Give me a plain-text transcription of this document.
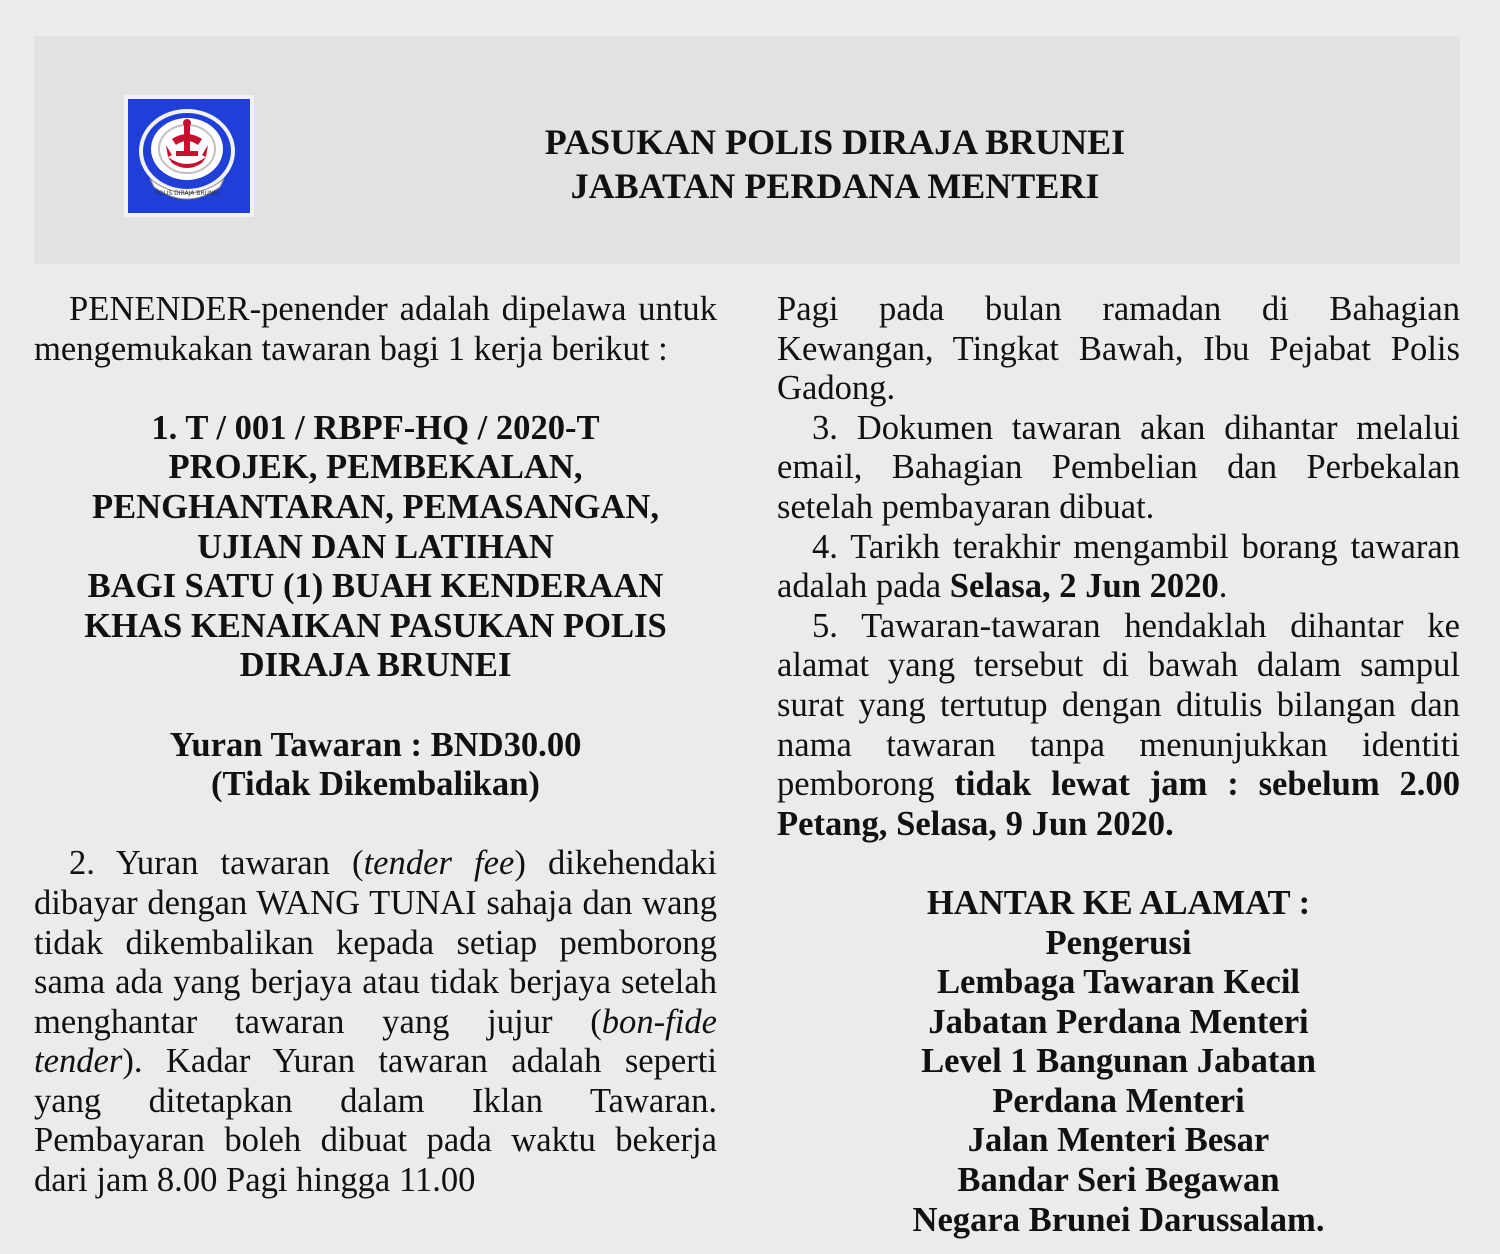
POLIS DIRAJA BRUNEI
PASUKAN POLIS DIRAJA BRUNEI
JABATAN PERDANA MENTERI

PENENDER-penender adalah dipelawa untuk mengemukakan tawaran bagi 1 kerja berikut :

1. T / 001 / RBPF-HQ / 2020-T
PROJEK, PEMBEKALAN,
PENGHANTARAN, PEMASANGAN,
UJIAN DAN LATIHAN
BAGI SATU (1) BUAH KENDERAAN
KHAS KENAIKAN PASUKAN POLIS
DIRAJA BRUNEI
Yuran Tawaran : BND30.00
(Tidak Dikembalikan)

2. Yuran tawaran (tender fee) dikehendaki dibayar dengan WANG TUNAI sahaja dan wang tidak dikembalikan kepada setiap pemborong sama ada yang berjaya atau tidak berjaya setelah menghantar tawaran yang jujur (bon-fide tender). Kadar Yuran tawaran adalah seperti yang ditetapkan dalam Iklan Tawaran. Pembayaran boleh dibuat pada waktu bekerja dari jam 8.00 Pagi hingga 11.00

Pagi pada bulan ramadan di Bahagian Kewangan, Tingkat Bawah, Ibu Pejabat Polis Gadong.

3. Dokumen tawaran akan dihantar melalui email, Bahagian Pembelian dan Perbekalan setelah pembayaran dibuat.

4. Tarikh terakhir mengambil borang tawaran adalah pada Selasa, 2 Jun 2020.

5. Tawaran-tawaran hendaklah dihantar ke alamat yang tersebut di bawah dalam sampul surat yang tertutup dengan ditulis bilangan dan nama tawaran tanpa menunjukkan identiti pemborong tidak lewat jam : sebelum 2.00 Petang, Selasa, 9 Jun 2020.

HANTAR KE ALAMAT :
Pengerusi
Lembaga Tawaran Kecil
Jabatan Perdana Menteri
Level 1 Bangunan Jabatan
Perdana Menteri
Jalan Menteri Besar
Bandar Seri Begawan
Negara Brunei Darussalam.
